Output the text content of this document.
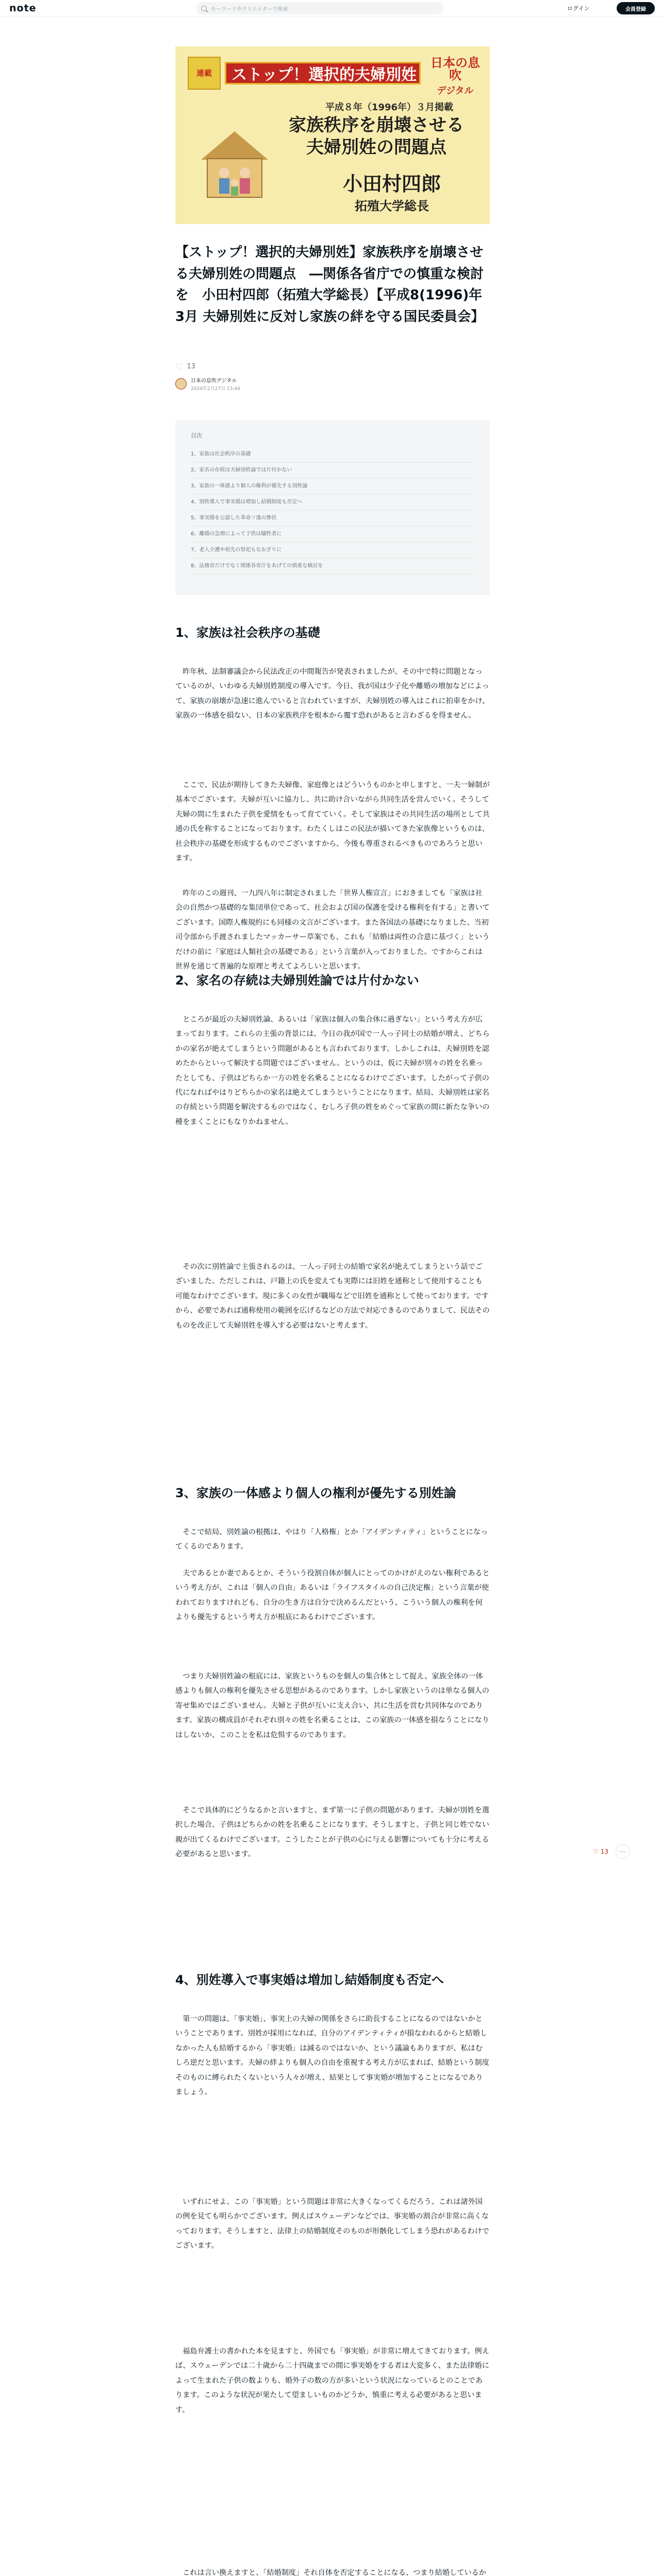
note	キーワードやクリエイターで検索	ログイン	会員登録
連載	ストップ！選択的夫婦別姓
日本の息吹
デジタル
平成８年（1996年）３月掲載
家族秩序を崩壊させる
夫婦別姓の問題点
小田村四郎
拓殖大学総長
【ストップ！選択的夫婦別姓】家族秩序を崩壊させる夫婦別姓の問題点　―関係各省庁での慎重な検討を　小田村四郎（拓殖大学総長）【平成8(1996)年3月 夫婦別姓に反対し家族の絆を守る国民委員会】
♡ 13
日本の息吹デジタル
2024年2月27日 13:44
目次
1、家族は社会秩序の基礎
2、家名の存続は夫婦別姓論では片付かない
3、家族の一体感より個人の権利が優先する別姓論
4、別姓導入で事実婚は増加し結婚制度も否定へ
5、事実婚を公認した革命ソ連の惨状
6、離婚の急増によって子供は犠牲者に
7、老人介護や祖先の祭祀もなおざりに
8、法務省だけでなく関係各省庁をあげての慎重な検討を
1、家族は社会秩序の基礎

　昨年秋、法制審議会から民法改正の中間報告が発表されましたが、その中で特に問題となっているのが、いわゆる夫婦別姓制度の導入です。今日、我が国は少子化や離婚の増加などによって、家族の崩壊が急速に進んでいると言われていますが、夫婦別姓の導入はこれに拍車をかけ、家族の一体感を損ない、日本の家族秩序を根本から覆す恐れがあると言わざるを得ません。

　ここで、民法が期待してきた夫婦像、家庭像とはどういうものかと申しますと、一夫一婦制が基本でございます。夫婦が互いに協力し、共に助け合いながら共同生活を営んでいく。そうして夫婦の間に生まれた子供を愛情をもって育てていく。そして家族はその共同生活の場所として共通の氏を称することになっております。わたくしはこの民法が描いてきた家族像というものは、社会秩序の基礎を形成するものでございますから、今後も尊重されるべきものであろうと思います。

　昨年のこの週刊、一九四八年に制定されました「世界人権宣言」におきましても「家族は社会の自然かつ基礎的な集団単位であって、社会および国の保護を受ける権利を有する」と書いてございます。国際人権規約にも同様の文言がございます。また各国法の基礎になりました、当初司令部から手渡されましたマッカーサー草案でも、これも「結婚は両性の合意に基づく」というだけの前に「家庭は人類社会の基礎である」という言葉が入っておりました。ですからこれは世界を通じて普遍的な原理と考えてよろしいと思います。

2、家名の存続は夫婦別姓論では片付かない

　ところが最近の夫婦別姓論、あるいは「家族は個人の集合体に過ぎない」という考え方が広まっております。これらの主張の背景には、今日の我が国で一人っ子同士の結婚が増え、どちらかの家名が絶えてしまうという問題があるとも言われております。しかしこれは、夫婦別姓を認めたからといって解決する問題ではございません。というのは、仮に夫婦が別々の姓を名乗ったとしても、子供はどちらか一方の姓を名乗ることになるわけでございます。したがって子供の代になればやはりどちらかの家名は絶えてしまうということになります。結局、夫婦別姓は家名の存続という問題を解決するものではなく、むしろ子供の姓をめぐって家族の間に新たな争いの種をまくことにもなりかねません。

　その次に別姓論で主張されるのは、一人っ子同士の結婚で家名が絶えてしまうという話でございました。ただしこれは、戸籍上の氏を変えても実際には旧姓を通称として使用することも可能なわけでございます。現に多くの女性が職場などで旧姓を通称として使っております。ですから、必要であれば通称使用の範囲を広げるなどの方法で対応できるのでありまして、民法そのものを改正して夫婦別姓を導入する必要はないと考えます。

3、家族の一体感より個人の権利が優先する別姓論

　そこで結局、別姓論の根拠は、やはり「人格権」とか「アイデンティティ」ということになってくるのであります。

　夫であるとか妻であるとか、そういう役割自体が個人にとってのかけがえのない権利であるという考え方が、これは「個人の自由」あるいは「ライフスタイルの自己決定権」という言葉が使われておりますけれども、自分の生き方は自分で決めるんだという、こういう個人の権利を何よりも優先するという考え方が根底にあるわけでございます。

　つまり夫婦別姓論の根底には、家族というものを個人の集合体として捉え、家族全体の一体感よりも個人の権利を優先させる思想があるのであります。しかし家族というのは単なる個人の寄せ集めではございません。夫婦と子供が互いに支え合い、共に生活を営む共同体なのであります。家族の構成員がそれぞれ別々の姓を名乗ることは、この家族の一体感を損なうことになりはしないか、このことを私は危惧するのであります。

　そこで具体的にどうなるかと言いますと、まず第一に子供の問題があります。夫婦が別姓を選択した場合、子供はどちらかの姓を名乗ることになります。そうしますと、子供と同じ姓でない親が出てくるわけでございます。こうしたことが子供の心に与える影響についても十分に考える必要があると思います。

4、別姓導入で事実婚は増加し結婚制度も否定へ

　第一の問題は、「事実婚」、事実上の夫婦の関係をさらに助長することになるのではないかということであります。別姓が採用になれば、自分のアイデンティティが損なわれるからと結婚しなかった人も結婚するから「事実婚」は減るのではないか、という議論もありますが、私はむしろ逆だと思います。夫婦の絆よりも個人の自由を重視する考え方が広まれば、結婚という制度そのものに縛られたくないという人々が増え、結果として事実婚が増加することになるでありましょう。

　いずれにせよ、この「事実婚」という問題は非常に大きくなってくるだろう、これは諸外国の例を見ても明らかでございます。例えばスウェーデンなどでは、事実婚の割合が非常に高くなっております。そうしますと、法律上の結婚制度そのものが形骸化してしまう恐れがあるわけでございます。

　福島弁護士の書かれた本を見ますと、外国でも「事実婚」が非常に増えてきております。例えば、スウェーデンでは二十歳から二十四歳までの間に事実婚をする者は大変多く、また法律婚によって生まれた子供の数よりも、婚外子の数の方が多いという状況になっているとのことであります。このような状況が果たして望ましいものかどうか、慎重に考える必要があると思います。

　これは言い換えますと、「結婚制度」それ自体を否定することになる、つまり結婚しているか

♡ 13	⋯
